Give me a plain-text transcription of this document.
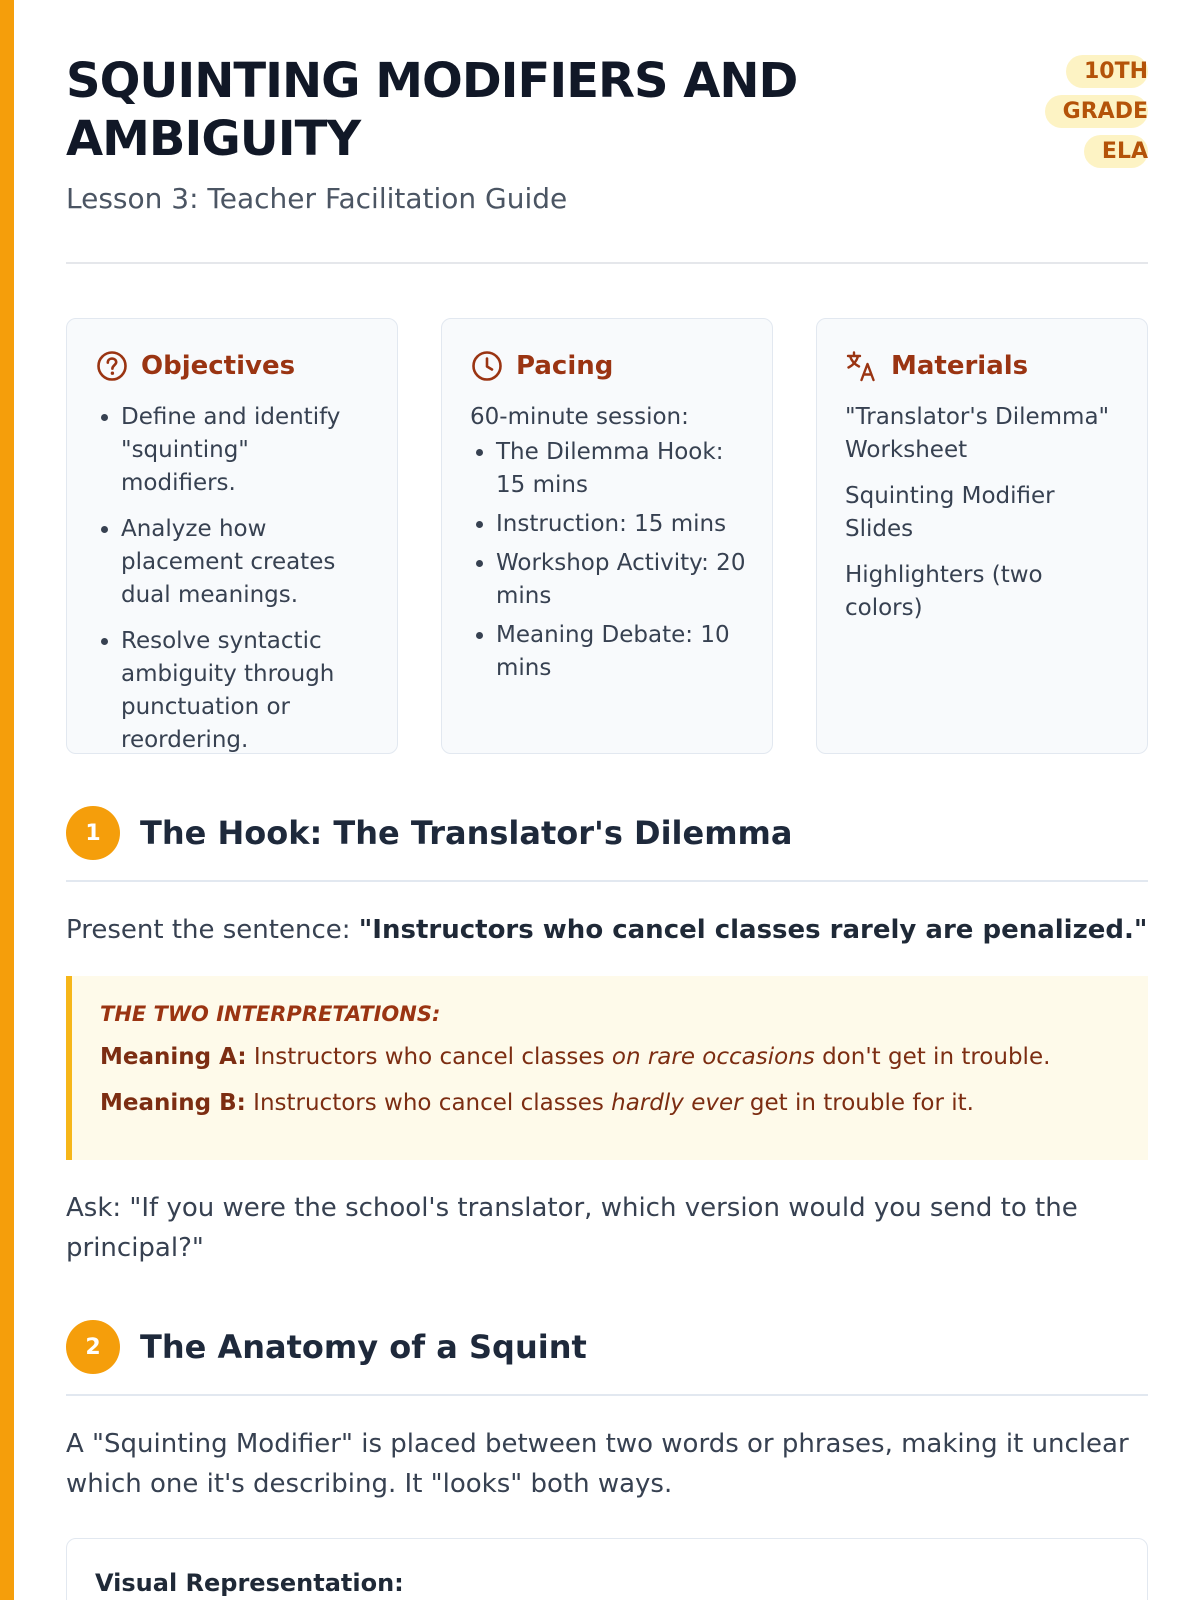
SQUINTING MODIFIERS AND AMBIGUITY
Lesson 3: Teacher Facilitation Guide
10TH GRADE
ELA
Objectives
• Define and identify "squinting" modifiers.
• Analyze how placement creates dual meanings.
• Resolve syntactic ambiguity through punctuation or reordering.
Pacing

60-minute session:

• The Dilemma Hook: 15 mins
• Instruction: 15 mins
• Workshop Activity: 20 mins
• Meaning Debate: 10 mins
Materials

"Translator's Dilemma" Worksheet

Squinting Modifier Slides

Highlighters (two colors)

1	The Hook: The Translator's Dilemma

Present the sentence: "Instructors who cancel classes rarely are penalized."

THE TWO INTERPRETATIONS:

Meaning A: Instructors who cancel classes on rare occasions don't get in trouble.

Meaning B: Instructors who cancel classes hardly ever get in trouble for it.

Ask: "If you were the school's translator, which version would you send to the principal?"

2	The Anatomy of a Squint

A "Squinting Modifier" is placed between two words or phrases, making it unclear which one it's describing. It "looks" both ways.

Visual Representation:
